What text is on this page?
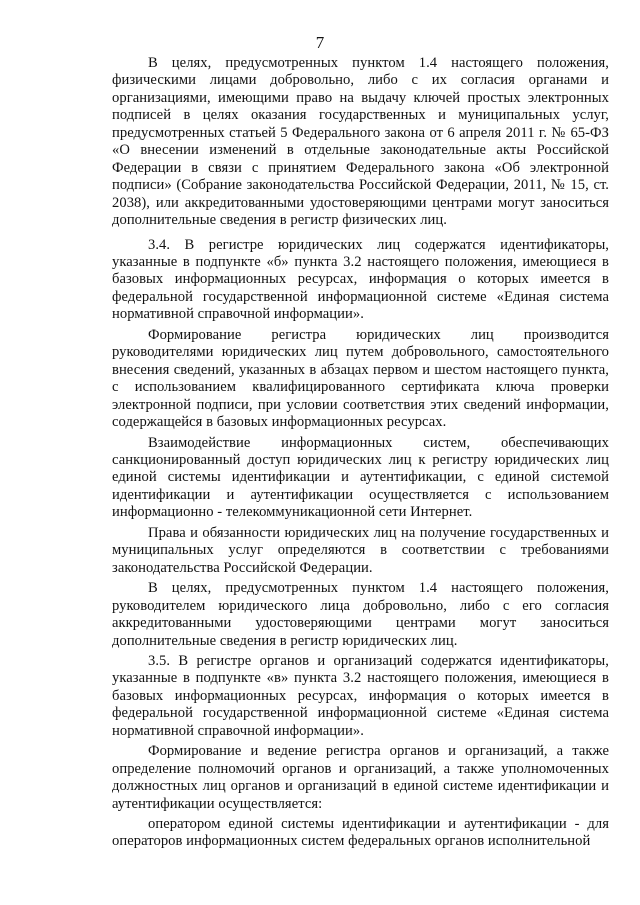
7

В целях, предусмотренных пунктом 1.4 настоящего положения, физическими лицами добровольно, либо с их согласия органами и организациями, имеющими право на выдачу ключей простых электронных подписей в целях оказания государственных и муниципальных услуг, предусмотренных статьей 5 Федерального закона от 6 апреля 2011 г. № 65-ФЗ «О внесении изменений в отдельные законодательные акты Российской Федерации в связи с принятием Федерального закона «Об электронной подписи» (Собрание законодательства Российской Федерации, 2011, № 15, ст. 2038), или аккредитованными удостоверяющими центрами могут заноситься дополнительные сведения в регистр физических лиц.

3.4. В регистре юридических лиц содержатся идентификаторы, указанные в подпункте «б» пункта 3.2 настоящего положения, имеющиеся в базовых информационных ресурсах, информация о которых имеется в федеральной государственной информационной системе «Единая система нормативной справочной информации».

Формирование регистра юридических лиц производится руководителями юридических лиц путем добровольного, самостоятельного внесения сведений, указанных в абзацах первом и шестом настоящего пункта, с использованием квалифицированного сертификата ключа проверки электронной подписи, при условии соответствия этих сведений информации, содержащейся в базовых информационных ресурсах.

Взаимодействие информационных систем, обеспечивающих санкционированный доступ юридических лиц к регистру юридических лиц единой системы идентификации и аутентификации, с единой системой идентификации и аутентификации осуществляется с использованием информационно - телекоммуникационной сети Интернет.

Права и обязанности юридических лиц на получение государственных и муниципальных услуг определяются в соответствии с требованиями законодательства Российской Федерации.

В целях, предусмотренных пунктом 1.4 настоящего положения, руководителем юридического лица добровольно, либо с его согласия аккредитованными удостоверяющими центрами могут заноситься дополнительные сведения в регистр юридических лиц.

3.5. В регистре органов и организаций содержатся идентификаторы, указанные в подпункте «в» пункта 3.2 настоящего положения, имеющиеся в базовых информационных ресурсах, информация о которых имеется в федеральной государственной информационной системе «Единая система нормативной справочной информации».

Формирование и ведение регистра органов и организаций, а также определение полномочий органов и организаций, а также уполномоченных должностных лиц органов и организаций в единой системе идентификации и аутентификации осуществляется:

оператором единой системы идентификации и аутентификации - для операторов информационных систем федеральных органов исполнительной
